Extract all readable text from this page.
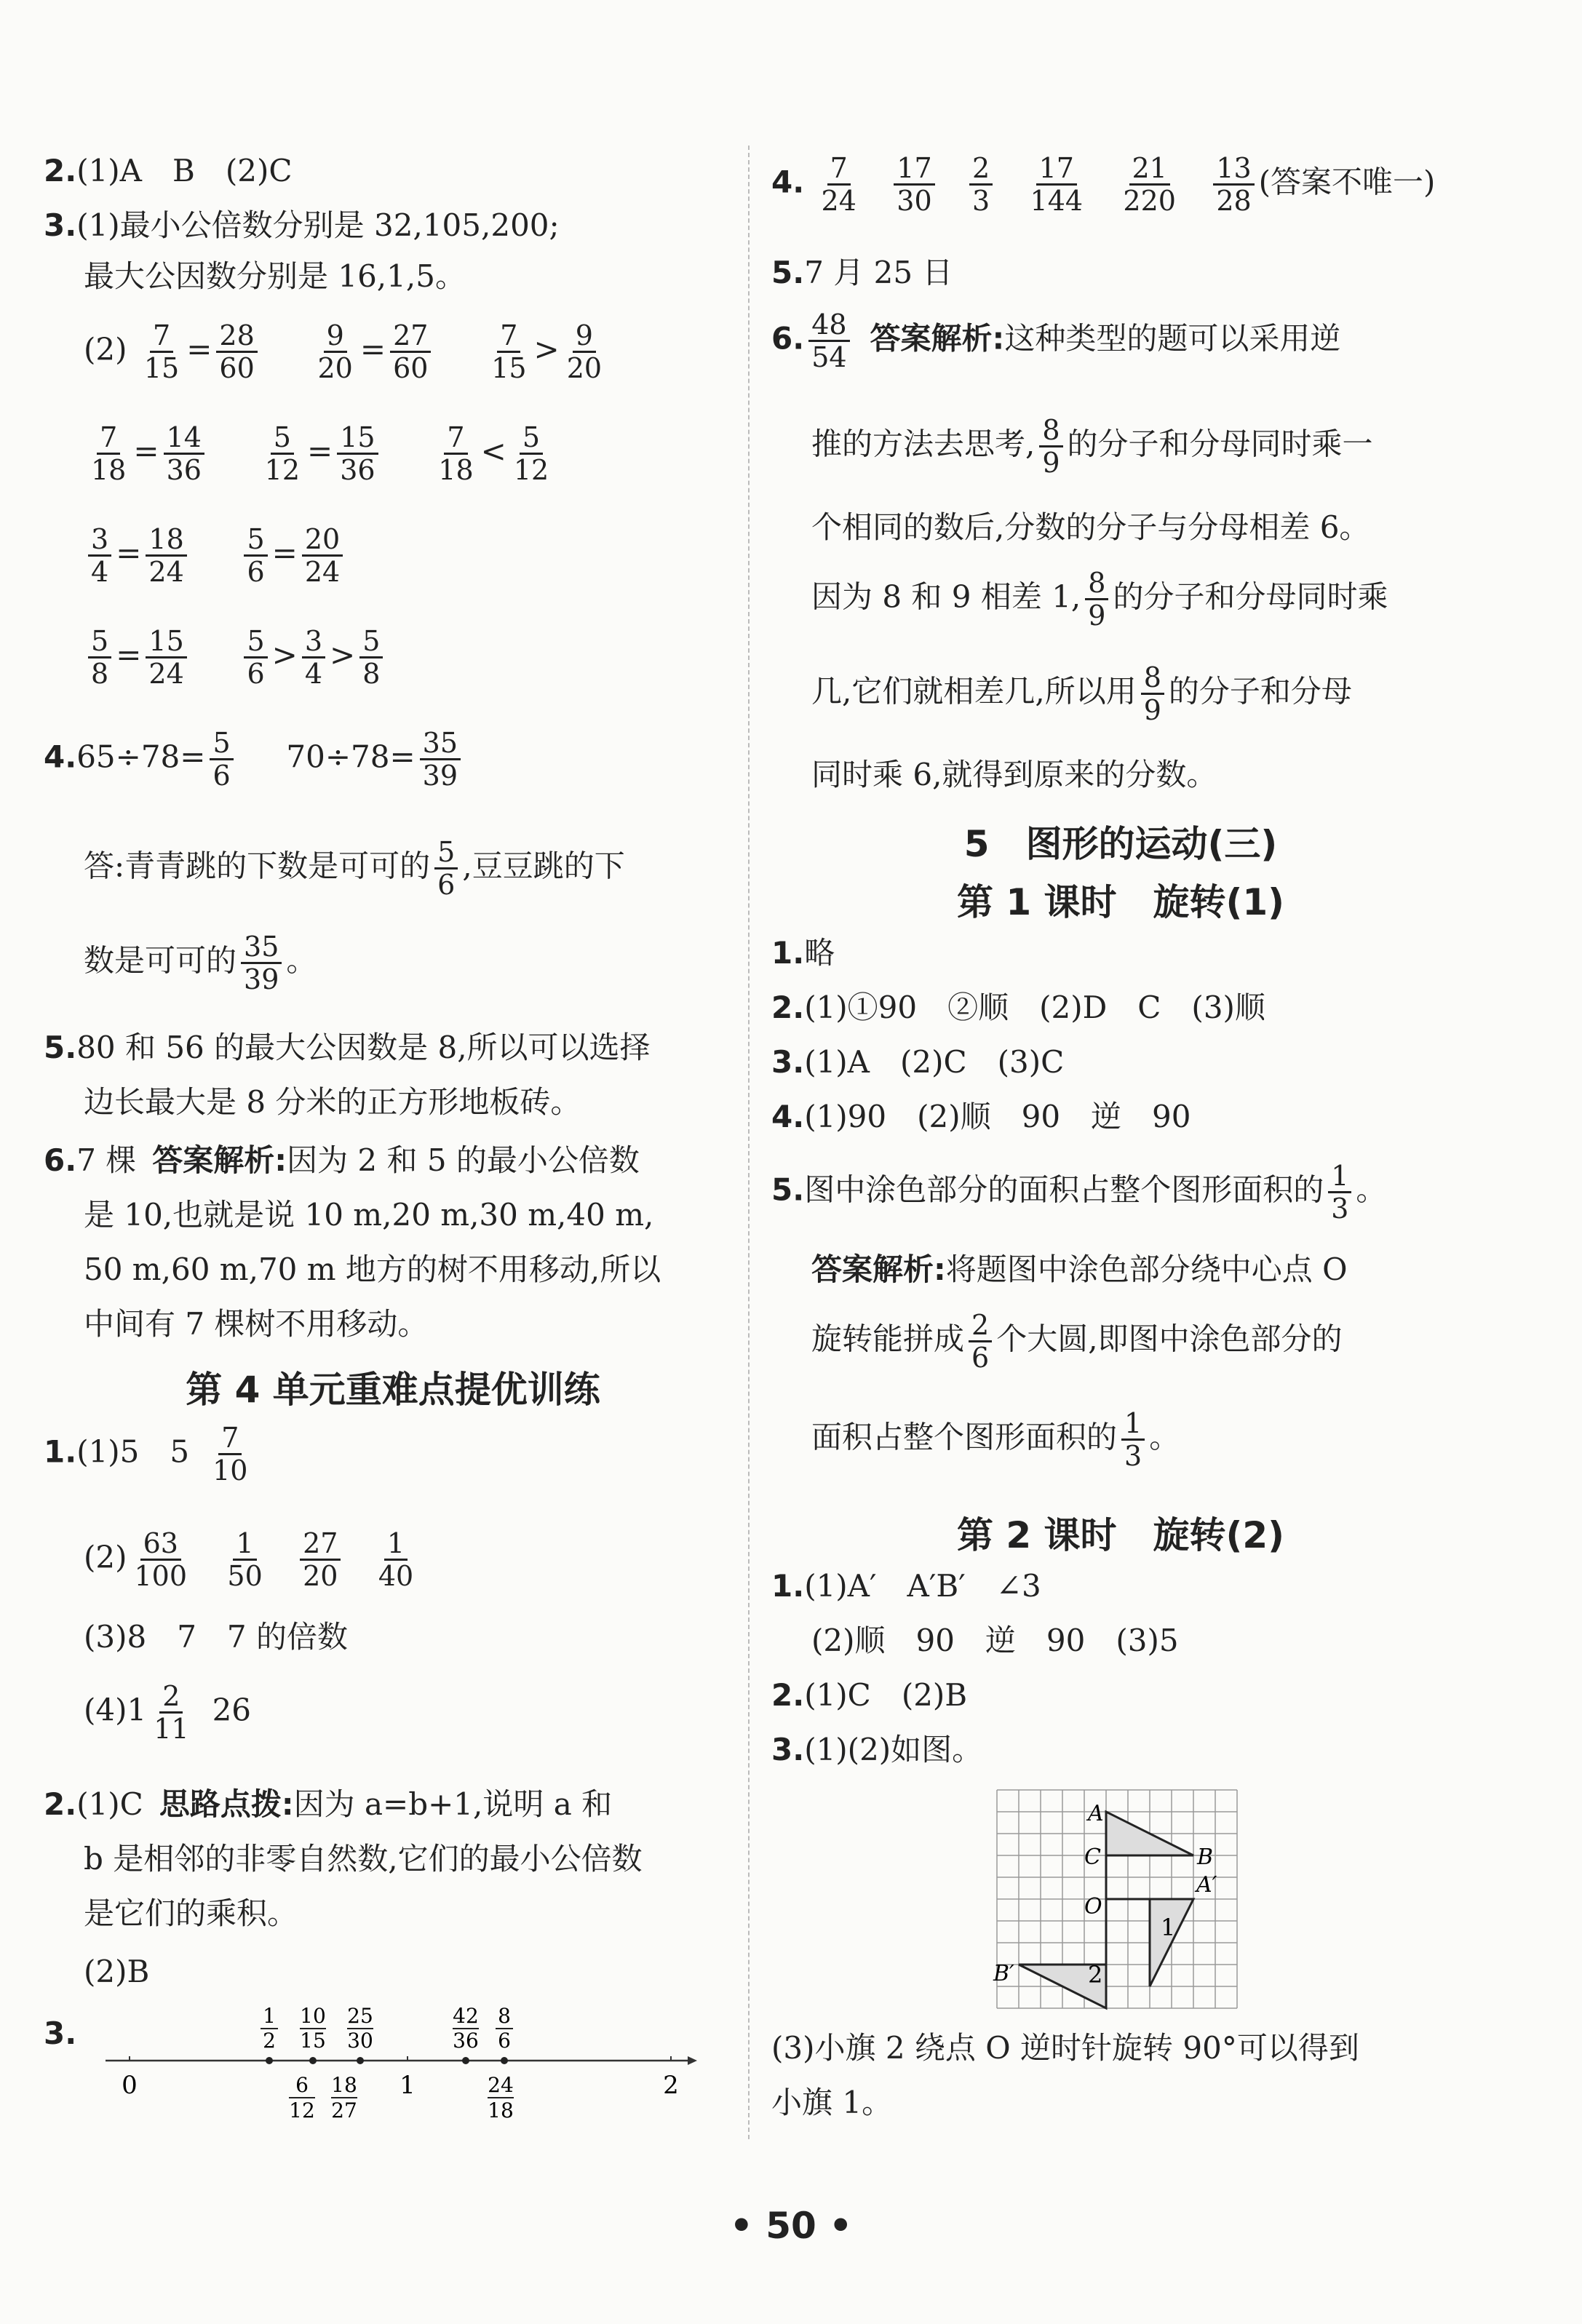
2.(1)A　B　(2)C
3.(1)最小公倍数分别是 32,105,200;
最大公因数分别是 16,1,5。
$(2) \frac{7}{15} = \frac{28}{60}$
$\frac{9}{20} = \frac{27}{60}$
$\frac{7}{15} > \frac{9}{20}$
$\frac{7}{18} = \frac{14}{36}$
$\frac{5}{12} = \frac{15}{36}$
$\frac{7}{18} < \frac{5}{12}$
$\frac{3}{4} = \frac{18}{24}$
$\frac{5}{6} = \frac{20}{24}$
$\frac{5}{8} = \frac{15}{24}$
$\frac{5}{6} > \frac{3}{4} > \frac{5}{8}$
$4.65\div 78= \frac{5}{6} 70\div 78= \frac{35}{39}$
答:青青跳的下数是可可的 $\frac{5}{6}$ ,豆豆跳的下
数是可可的 $\frac{35}{39}$ 。
5.80 和 56 的最大公因数是 8,所以可以选择
边长最大是 8 分米的正方形地板砖。
6.7 棵 答案解析:因为 2 和 5 的最小公倍数
是 10,也就是说 10 m,20 m,30 m,40 m,
50 m,60 m,70 m 地方的树不用移动,所以
中间有 7 棵树不用移动。
第 4 单元重难点提优训练
1.(1)5　$5 \frac{7}{10}$
$(2) \frac{63}{100}$
$\frac{1}{50}$
$\frac{27}{20}$
$\frac{1}{40}$
(3)8　7　7 的倍数
$(4)1 \frac{2}{11} 26$
2.(1)C 思路点拨:因为 a=b+1,说明 a 和
b 是相邻的非零自然数,它们的最小公倍数
是它们的乘积。
(2)B
3.
0	1	2
1
2
10
15
25
30
42
36
8
6
6
12
18
27
24
18
4. $\frac{7}{24}$
$\frac{17}{30}$
$\frac{2}{3}$
$\frac{17}{144}$
$\frac{21}{220}$
$\frac{13}{28}$ (答案不唯一)
5.7 月 25 日
6. $\frac{48}{54}$ 答案解析:这种类型的题可以采用逆
推的方法去思考, $\frac{8}{9}$ 的分子和分母同时乘一
个相同的数后,分数的分子与分母相差 6。
因为 8 和 9 相差 1, $\frac{8}{9}$ 的分子和分母同时乘
几,它们就相差几,所以用 $\frac{8}{9}$ 的分子和分母
同时乘 6,就得到原来的分数。
5　图形的运动(三)
第 1 课时　旋转(1)
1.略
2.(1)①90　②顺　(2)D　C　(3)顺
3.(1)A　(2)C　(3)C
4.(1)90　(2)顺　90　逆　90
5.图中涂色部分的面积占整个图形面积的 $\frac{1}{3}$ 。
答案解析:将题图中涂色部分绕中心点 O
旋转能拼成 $\frac{2}{6}$ 个大圆,即图中涂色部分的
面积占整个图形面积的 $\frac{1}{3}$ 。
第 2 课时　旋转(2)
1.(1)A′　A′B′　∠3
(2)顺　90　逆　90　(3)5
2.(1)C　(2)B
3.(1)(2)如图。
A
B
C
O
A′
B′
1
2
(3)小旗 2 绕点 O 逆时针旋转 90°可以得到
小旗 1。
• 50 •
